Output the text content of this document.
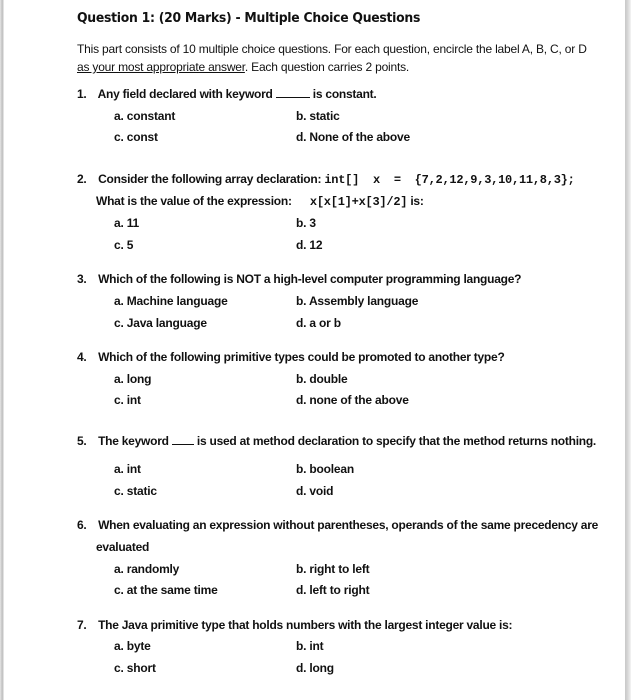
Question 1: (20 Marks) - Multiple Choice Questions
This part consists of 10 multiple choice questions. For each question, encircle the label A, B, C, or D as your most appropriate answer. Each question carries 2 points.
1. Any field declared with keyword	is constant.
a. constant	b. static
c. const	d. None of the above
2. Consider the following array declaration: int[]  x  =  {7,2,12,9,3,10,11,8,3};
What is the value of the expression: x[x[1]+x[3]/2] is:
a. 11	b. 3
c. 5	d. 12
3. Which of the following is NOT a high-level computer programming language?
a. Machine language	b. Assembly language
c. Java language	d. a or b
4. Which of the following primitive types could be promoted to another type?
a. long	b. double
c. int	d. none of the above
5. The keyword is used at method declaration to specify that the method returns nothing.
a. int	b. boolean
c. static	d. void
6. When evaluating an expression without parentheses, operands of the same precedency are
evaluated
a. randomly	b. right to left
c. at the same time	d. left to right
7. The Java primitive type that holds numbers with the largest integer value is:
a. byte	b. int
c. short	d. long
